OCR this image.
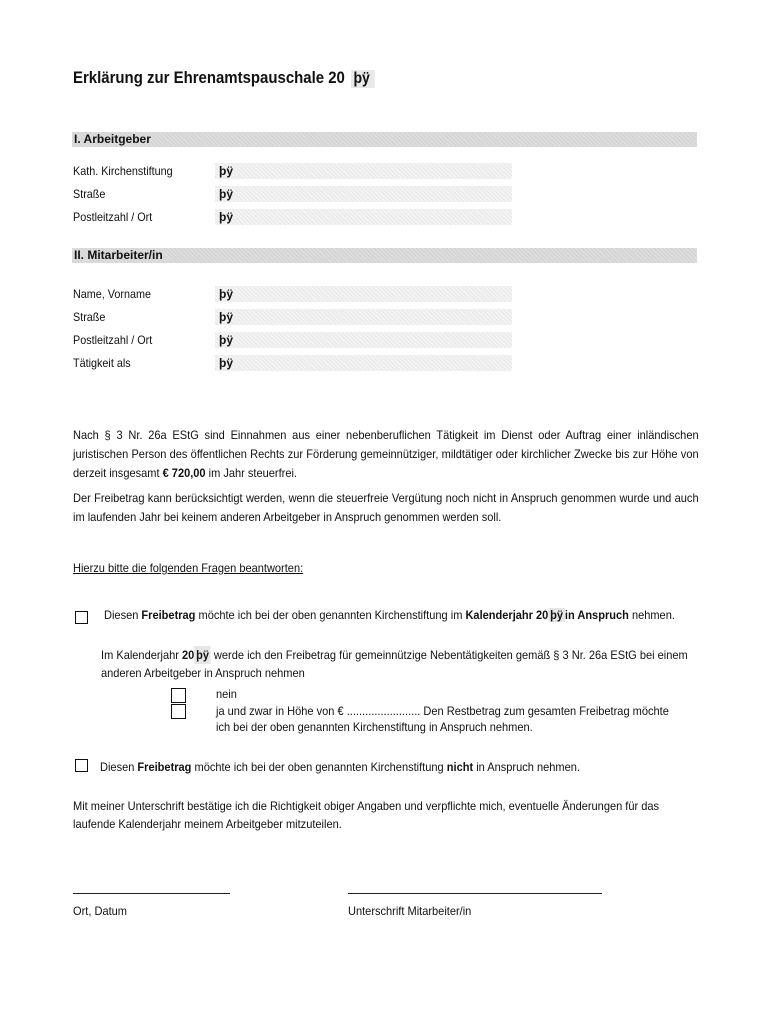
Erklärung zur Ehrenamtspauschale 20 þÿ
I. Arbeitgeber
Kath. Kirchenstiftung	þÿ
Straße	þÿ
Postleitzahl / Ort	þÿ
II. Mitarbeiter/in
Name, Vorname	þÿ
Straße	þÿ
Postleitzahl / Ort	þÿ
Tätigkeit als	þÿ
Nach § 3 Nr. 26a EStG sind Einnahmen aus einer nebenberuflichen Tätigkeit im Dienst oder Auftrag einer inländischen juristischen Person des öffentlichen Rechts zur Förderung gemeinnütziger, mildtätiger oder kirchlicher Zwecke bis zur Höhe von derzeit insgesamt € 720,00 im Jahr steuerfrei.
Der Freibetrag kann berücksichtigt werden, wenn die steuerfreie Vergütung noch nicht in Anspruch genommen wurde und auch im laufenden Jahr bei keinem anderen Arbeitgeber in Anspruch genommen werden soll.
Hierzu bitte die folgenden Fragen beantworten:
Diesen Freibetrag möchte ich bei der oben genannten Kirchenstiftung im Kalenderjahr 20 þÿ in Anspruch nehmen.
Im Kalenderjahr 20 þÿ werde ich den Freibetrag für gemeinnützige Nebentätigkeiten gemäß § 3 Nr. 26a EStG bei einem anderen Arbeitgeber in Anspruch nehmen
nein
ja und zwar in Höhe von € ........................ Den Restbetrag zum gesamten Freibetrag möchte
ich bei der oben genannten Kirchenstiftung in Anspruch nehmen.
Diesen Freibetrag möchte ich bei der oben genannten Kirchenstiftung nicht in Anspruch nehmen.
Mit meiner Unterschrift bestätige ich die Richtigkeit obiger Angaben und verpflichte mich, eventuelle Änderungen für das laufende Kalenderjahr meinem Arbeitgeber mitzuteilen.
Ort, Datum	Unterschrift Mitarbeiter/in
